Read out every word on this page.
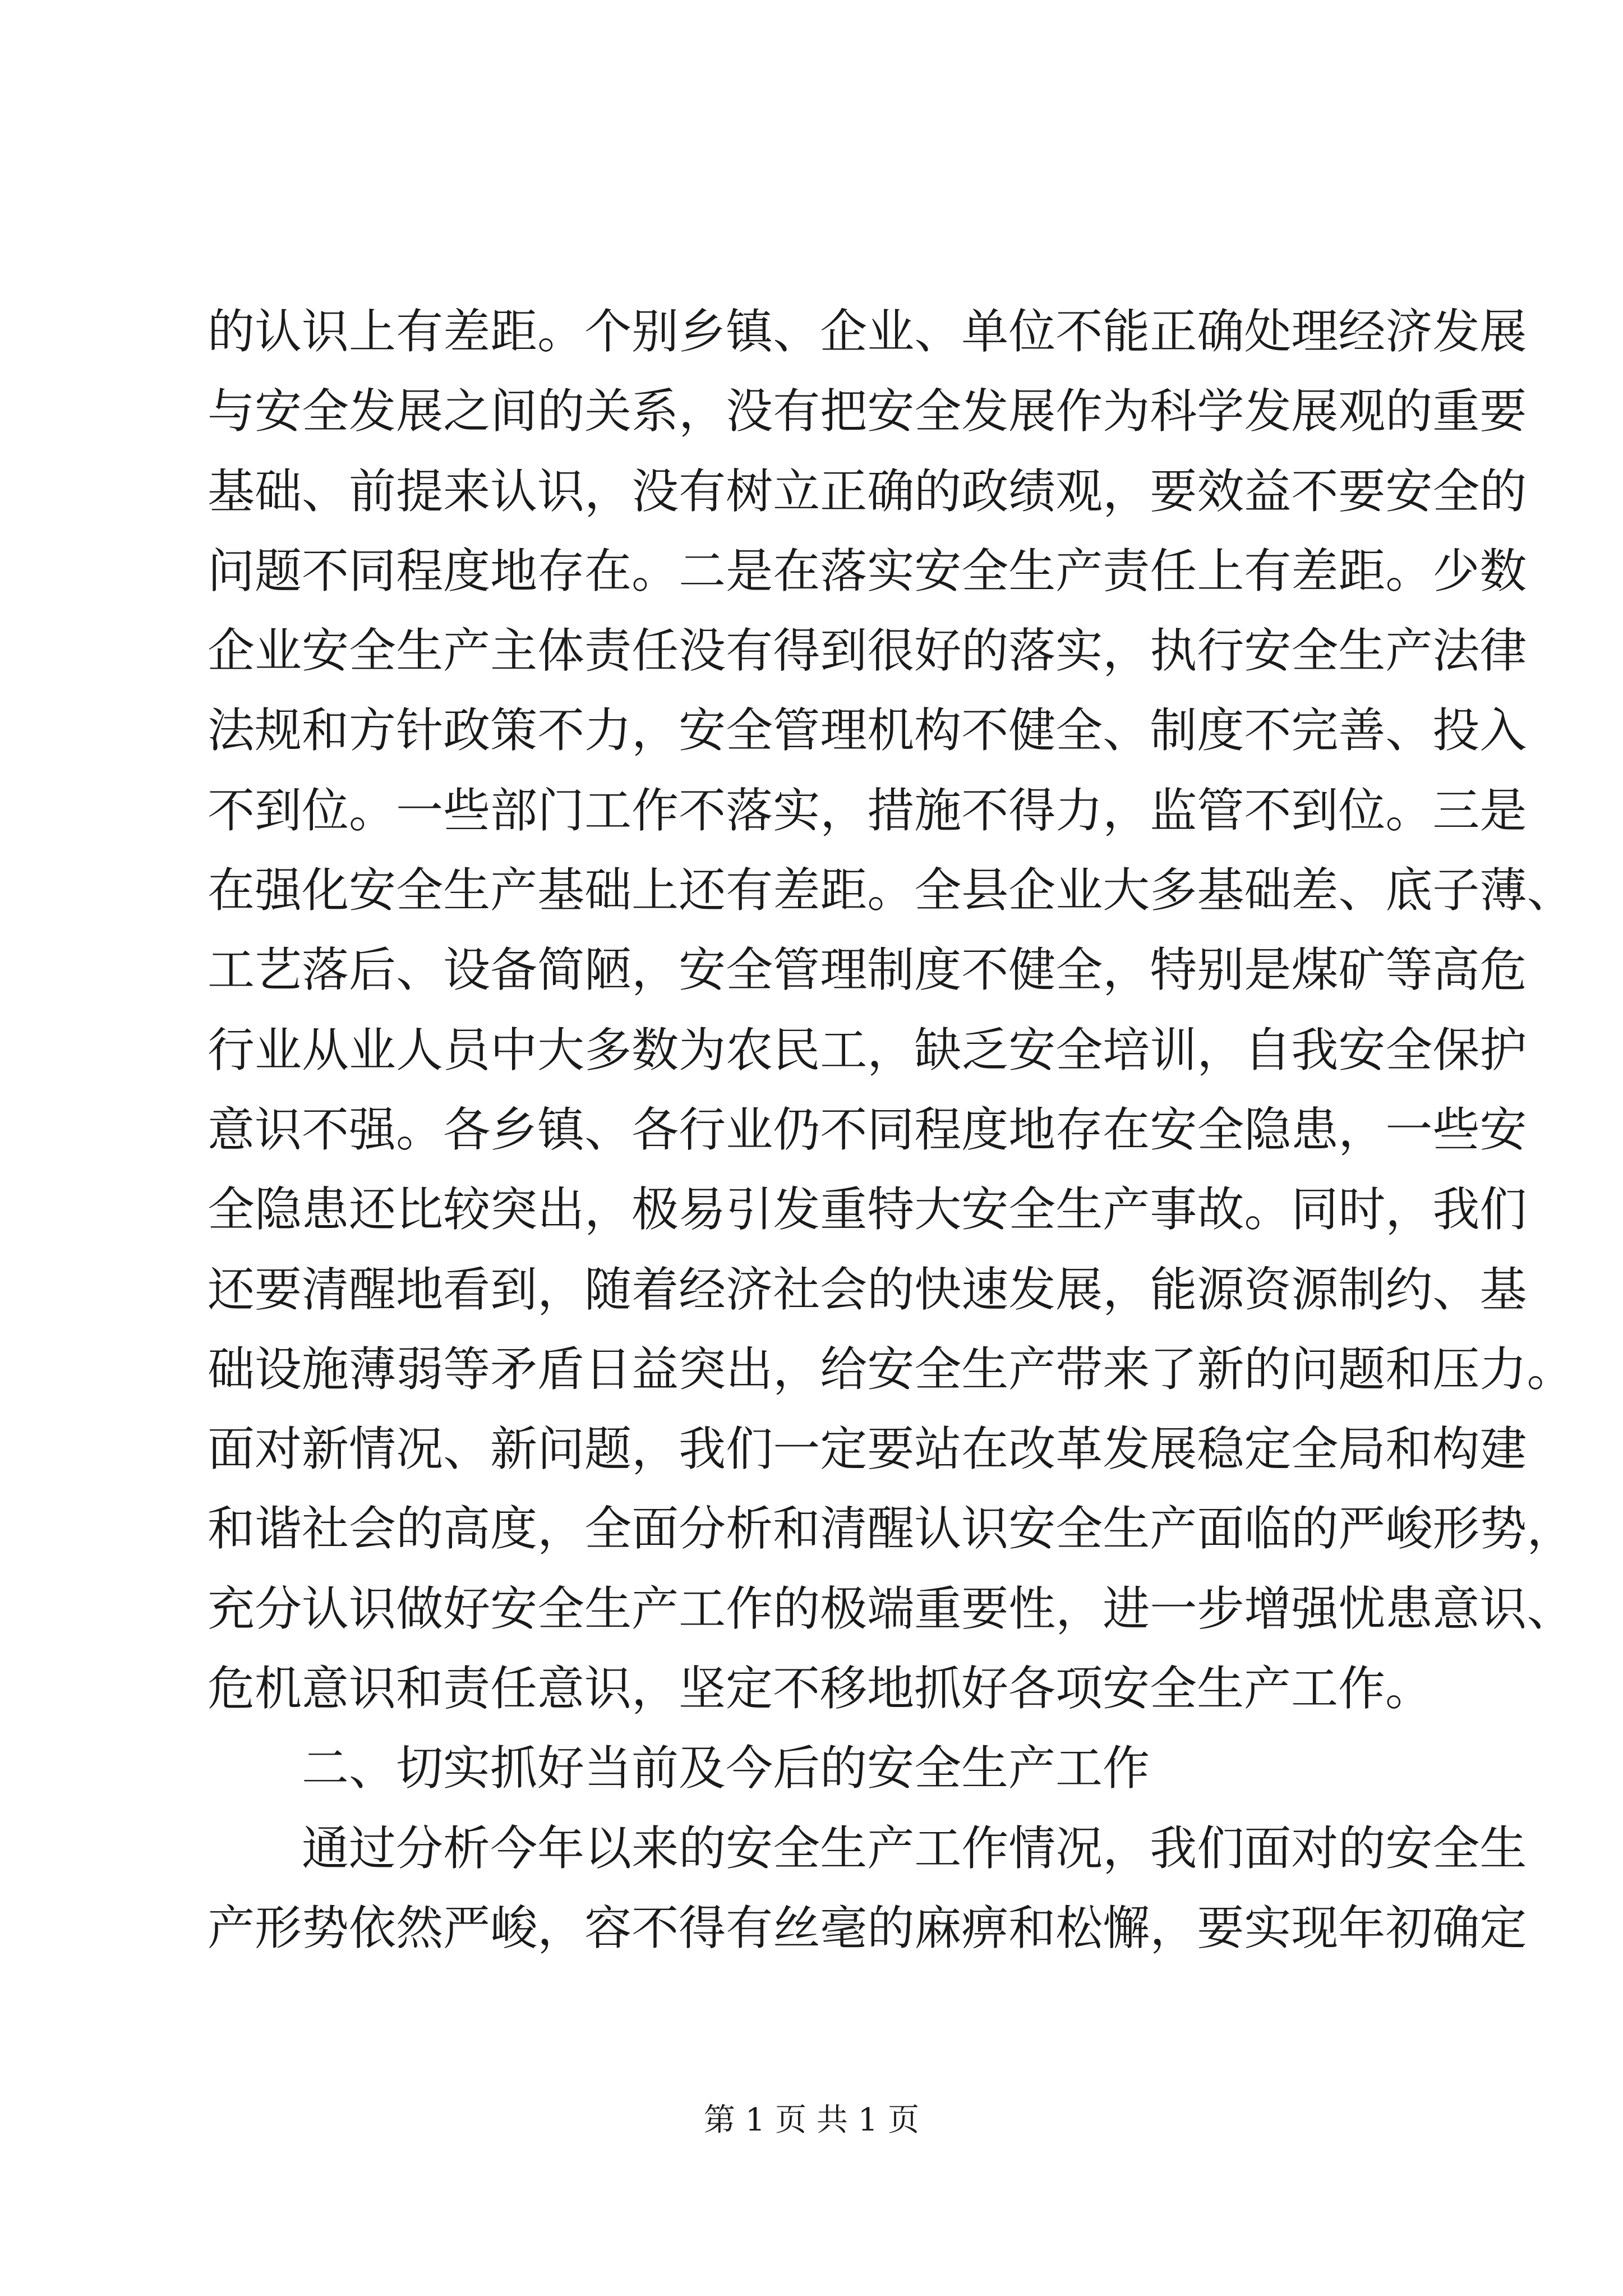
的 认 识 上 有 差 距 。 个 别 乡 镇 、 企 业 、 单 位 不 能 正 确 处 理 经 济 发 展
与 安 全 发 展 之 间 的 关 系 ， 没 有 把 安 全 发 展 作 为 科 学 发 展 观 的 重 要
基 础 、 前 提 来 认 识 ， 没 有 树 立 正 确 的 政 绩 观 ， 要 效 益 不 要 安 全 的
问 题 不 同 程 度 地 存 在 。 二 是 在 落 实 安 全 生 产 责 任 上 有 差 距 。 少 数
企 业 安 全 生 产 主 体 责 任 没 有 得 到 很 好 的 落 实 ， 执 行 安 全 生 产 法 律
法 规 和 方 针 政 策 不 力 ， 安 全 管 理 机 构 不 健 全 、 制 度 不 完 善 、 投 入
不 到 位 。 一 些 部 门 工 作 不 落 实 ， 措 施 不 得 力 ， 监 管 不 到 位 。 三 是
在 强 化 安 全 生 产 基 础 上 还 有 差 距 。 全 县 企 业 大 多 基 础 差 、 底 子 薄 、
工 艺 落 后 、 设 备 简 陋 ， 安 全 管 理 制 度 不 健 全 ， 特 别 是 煤 矿 等 高 危
行 业 从 业 人 员 中 大 多 数 为 农 民 工 ， 缺 乏 安 全 培 训 ， 自 我 安 全 保 护
意 识 不 强 。 各 乡 镇 、 各 行 业 仍 不 同 程 度 地 存 在 安 全 隐 患 ， 一 些 安
全 隐 患 还 比 较 突 出 ， 极 易 引 发 重 特 大 安 全 生 产 事 故 。 同 时 ， 我 们
还 要 清 醒 地 看 到 ， 随 着 经 济 社 会 的 快 速 发 展 ， 能 源 资 源 制 约 、 基
础 设 施 薄 弱 等 矛 盾 日 益 突 出 ， 给 安 全 生 产 带 来 了 新 的 问 题 和 压 力 。
面 对 新 情 况 、 新 问 题 ， 我 们 一 定 要 站 在 改 革 发 展 稳 定 全 局 和 构 建
和 谐 社 会 的 高 度 ， 全 面 分 析 和 清 醒 认 识 安 全 生 产 面 临 的 严 峻 形 势 ，
充 分 认 识 做 好 安 全 生 产 工 作 的 极 端 重 要 性 ， 进 一 步 增 强 忧 患 意 识 、
危机意识和责任意识，坚定不移地抓好各项安全生产工作。
二、切实抓好当前及今后的安全生产工作
通 过 分 析 今 年 以 来 的 安 全 生 产 工 作 情 况 ， 我 们 面 对 的 安 全 生
产 形 势 依 然 严 峻 ， 容 不 得 有 丝 毫 的 麻 痹 和 松 懈 ， 要 实 现 年 初 确 定
第 1 页 共 1 页
